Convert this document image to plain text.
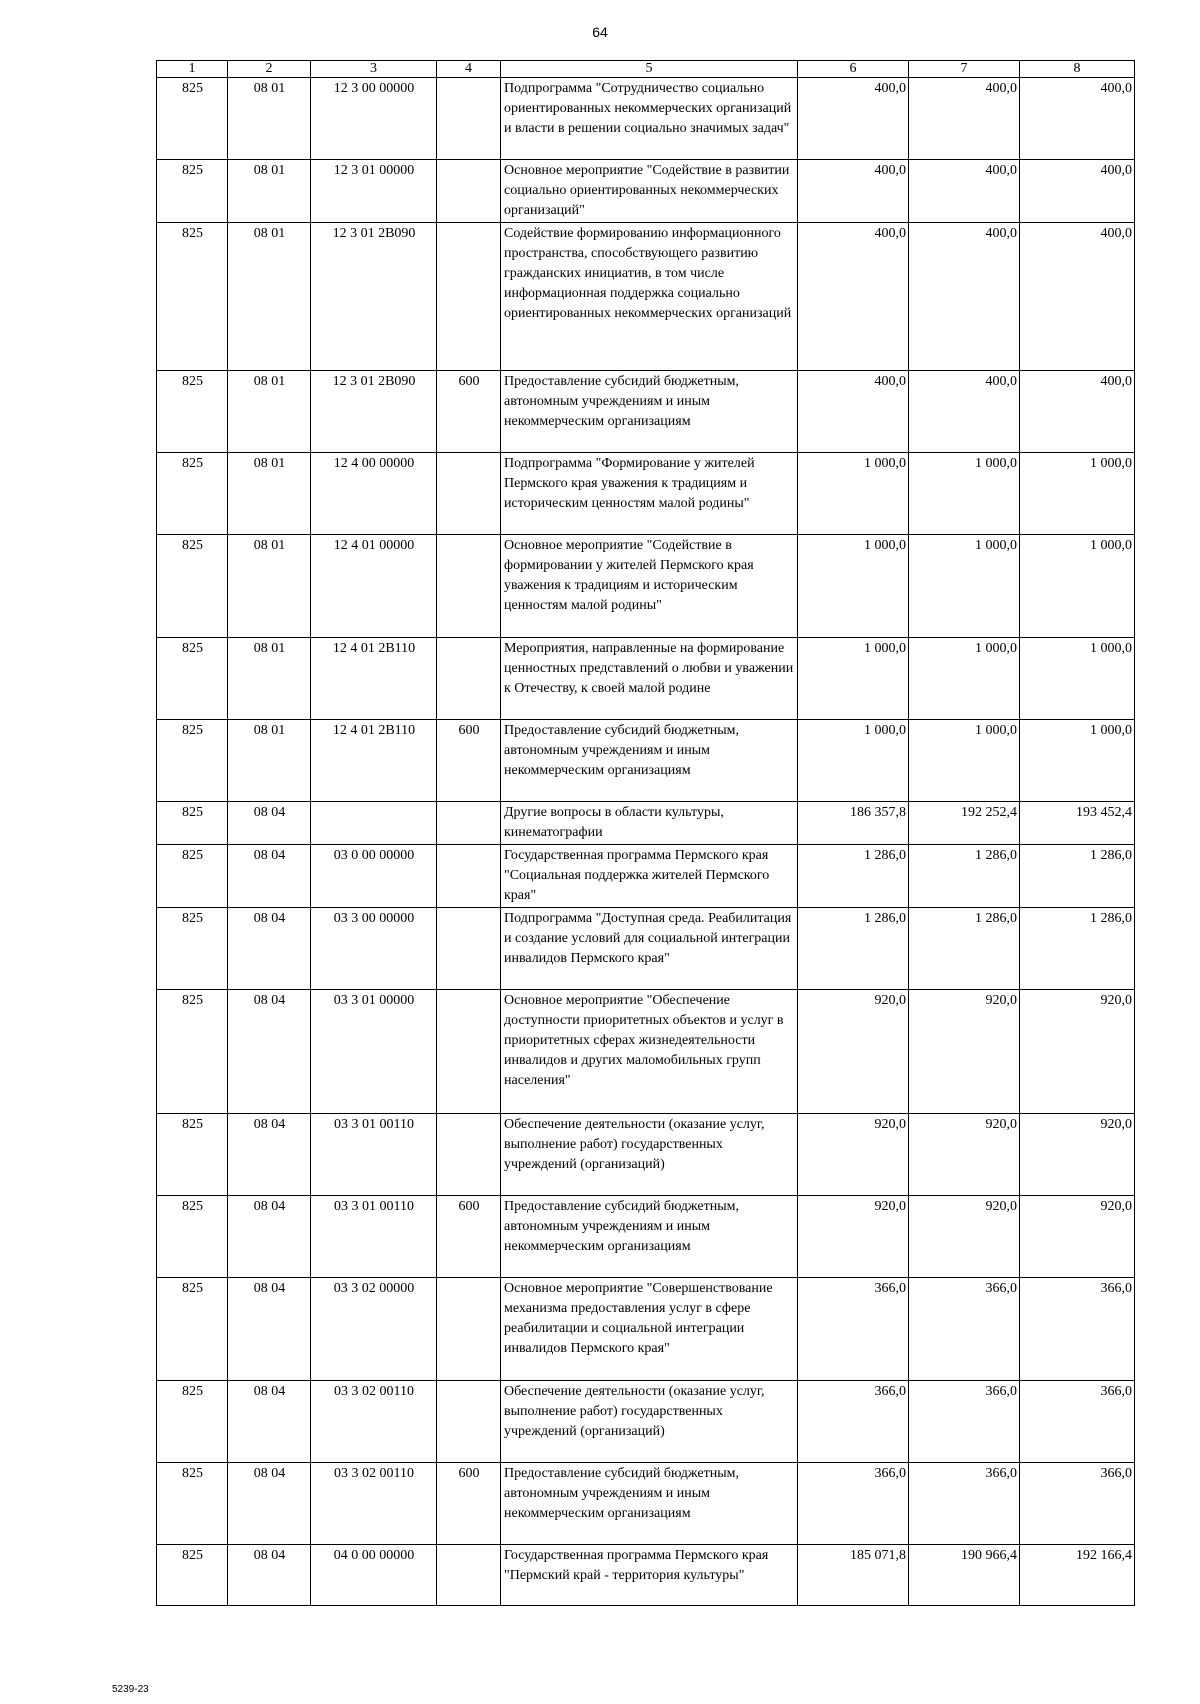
64
1	2	3	4	5	6	7	8
825	08 01	12 3 00 00000		Подпрограмма "Сотрудничество социально ориентированных некоммерческих организаций и власти в решении социально значимых задач"	400,0	400,0	400,0
825	08 01	12 3 01 00000		Основное мероприятие "Содействие в развитии социально ориентированных некоммерческих организаций"	400,0	400,0	400,0
825	08 01	12 3 01 2В090		Содействие формированию информационного пространства, способствующего развитию гражданских инициатив, в том числе информационная поддержка социально ориентированных некоммерческих организаций	400,0	400,0	400,0
825	08 01	12 3 01 2В090	600	Предоставление субсидий бюджетным, автономным учреждениям и иным некоммерческим организациям	400,0	400,0	400,0
825	08 01	12 4 00 00000		Подпрограмма "Формирование у жителей Пермского края уважения к традициям и историческим ценностям малой родины"	1 000,0	1 000,0	1 000,0
825	08 01	12 4 01 00000		Основное мероприятие "Содействие в формировании у жителей Пермского края уважения к традициям и историческим ценностям малой родины"	1 000,0	1 000,0	1 000,0
825	08 01	12 4 01 2В110		Мероприятия, направленные на формирование ценностных представлений о любви и уважении к Отечеству, к своей малой родине	1 000,0	1 000,0	1 000,0
825	08 01	12 4 01 2В110	600	Предоставление субсидий бюджетным, автономным учреждениям и иным некоммерческим организациям	1 000,0	1 000,0	1 000,0
825	08 04			Другие вопросы в области культуры, кинематографии	186 357,8	192 252,4	193 452,4
825	08 04	03 0 00 00000		Государственная программа Пермского края "Социальная поддержка жителей Пермского края"	1 286,0	1 286,0	1 286,0
825	08 04	03 3 00 00000		Подпрограмма "Доступная среда. Реабилитация и создание условий для социальной интеграции инвалидов Пермского края"	1 286,0	1 286,0	1 286,0
825	08 04	03 3 01 00000		Основное мероприятие "Обеспечение доступности приоритетных объектов и услуг в приоритетных сферах жизнедеятельности инвалидов и других маломобильных групп населения"	920,0	920,0	920,0
825	08 04	03 3 01 00110		Обеспечение деятельности (оказание услуг, выполнение работ) государственных учреждений (организаций)	920,0	920,0	920,0
825	08 04	03 3 01 00110	600	Предоставление субсидий бюджетным, автономным учреждениям и иным некоммерческим организациям	920,0	920,0	920,0
825	08 04	03 3 02 00000		Основное мероприятие "Совершенствование механизма предоставления услуг в сфере реабилитации и социальной интеграции инвалидов Пермского края"	366,0	366,0	366,0
825	08 04	03 3 02 00110		Обеспечение деятельности (оказание услуг, выполнение работ) государственных учреждений (организаций)	366,0	366,0	366,0
825	08 04	03 3 02 00110	600	Предоставление субсидий бюджетным, автономным учреждениям и иным некоммерческим организациям	366,0	366,0	366,0
825	08 04	04 0 00 00000		Государственная программа Пермского края "Пермский край - территория культуры"	185 071,8	190 966,4	192 166,4
5239-23
